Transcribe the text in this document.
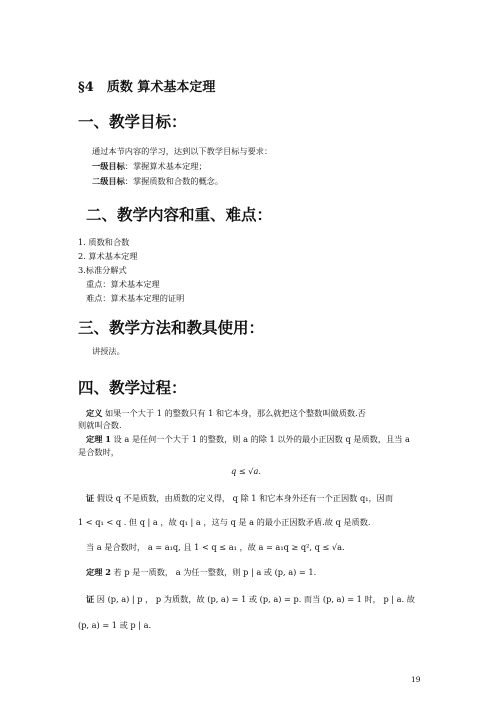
§4　质数 算术基本定理
一、教学目标：
通过本节内容的学习，达到以下教学目标与要求：
一级目标：掌握算术基本定理；
二级目标：掌握质数和合数的概念。
二、教学内容和重、难点：
1. 质数和合数
2. 算术基本定理
3.标准分解式
重点：算术基本定理
难点：算术基本定理的证明
三、教学方法和教具使用：
讲授法。
四、教学过程：
定义 如果一个大于 1 的整数只有 1 和它本身，那么就把这个整数叫做质数.否
则就叫合数.
定理 1 设 a 是任何一个大于 1 的整数，则 a 的除 1 以外的最小正因数 q 是质数，且当 a
是合数时，
q ≤ √a.
证 假设 q 不是质数，由质数的定义得， q 除 1 和它本身外还有一个正因数 q₁，因而
1 < q₁ < q . 但 q | a ，故 q₁ | a ，这与 q 是 a 的最小正因数矛盾.故 q 是质数.
当 a 是合数时， a = a₁q, 且 1 < q ≤ a₁ ，故 a = a₁q ≥ q², q ≤ √a.
定理 2 若 p 是一质数， a 为任一整数，则 p | a 或 (p, a) = 1.
证 因 (p, a) | p ， p 为质数，故 (p, a) = 1 或 (p, a) = p. 而当 (p, a) = 1 时， p | a. 故
(p, a) = 1 或 p | a.
19
